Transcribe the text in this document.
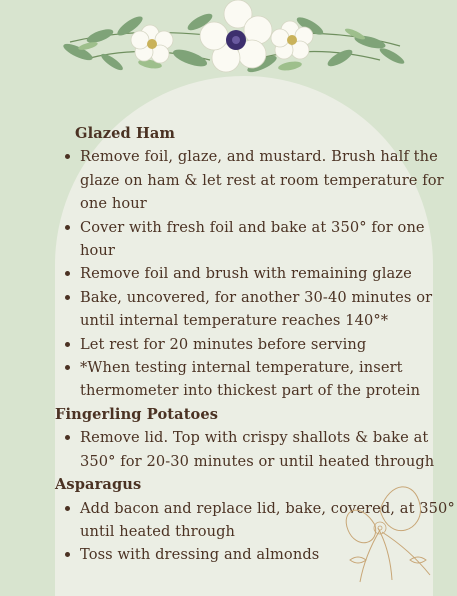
Glazed Ham
Remove foil, glaze, and mustard. Brush half the glaze on ham & let rest at room temperature for one hour
Cover with fresh foil and bake at 350° for one hour
Remove foil and brush with remaining glaze
Bake, uncovered, for another 30-40 minutes or until internal temperature reaches 140°*
Let rest for 20 minutes before serving
*When testing internal temperature, insert thermometer into thickest part of the protein
Fingerling Potatoes
Remove lid. Top with crispy shallots & bake at 350° for 20-30 minutes or until heated through
Asparagus
Add bacon and replace lid, bake, covered, at 350° until heated through
Toss with dressing and almonds
